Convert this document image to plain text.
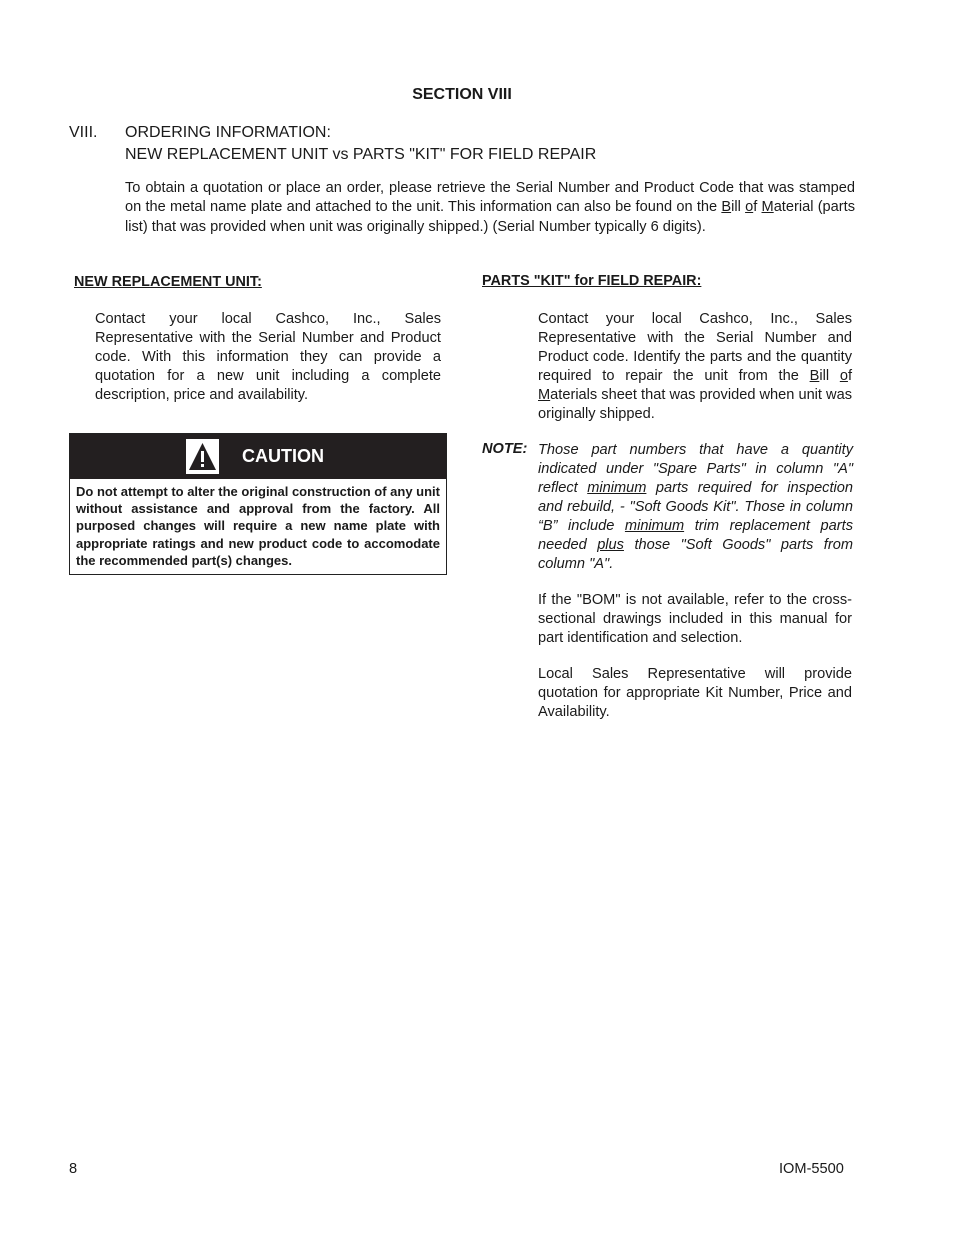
SECTION VIII
VIII. ORDERING INFORMATION:
NEW REPLACEMENT UNIT vs PARTS "KIT" FOR FIELD REPAIR
To obtain a quotation or place an order, please retrieve the Serial Number and Product Code that was stamped on the metal name plate and attached to the unit. This information can also be found on the Bill of Material (parts list) that was provided when unit was originally shipped.) (Serial Number typically 6 digits).
NEW REPLACEMENT UNIT:
Contact your local Cashco, Inc., Sales Representative with the Serial Number and Product code. With this information they can provide a quotation for a new unit including a complete description, price and availability.
CAUTION
Do not attempt to alter the original construction of any unit without assistance and approval from the factory. All purposed changes will require a new name plate with appropriate ratings and new product code to accomodate the recommended part(s) changes.
PARTS "KIT" for FIELD REPAIR:
Contact your local Cashco, Inc., Sales Representative with the Serial Number and Product code. Identify the parts and the quantity required to repair the unit from the Bill of Materials sheet that was provided when unit was originally shipped.
NOTE: Those part numbers that have a quantity indicated under "Spare Parts" in column "A" reflect minimum parts required for inspection and rebuild, - "Soft Goods Kit". Those in column “B” include minimum trim replacement parts needed plus those "Soft Goods" parts from column "A".
If the "BOM" is not available, refer to the cross-sectional drawings included in this manual for part identification and selection.
Local Sales Representative will provide quotation for appropriate Kit Number, Price and Availability.
8	IOM-5500
